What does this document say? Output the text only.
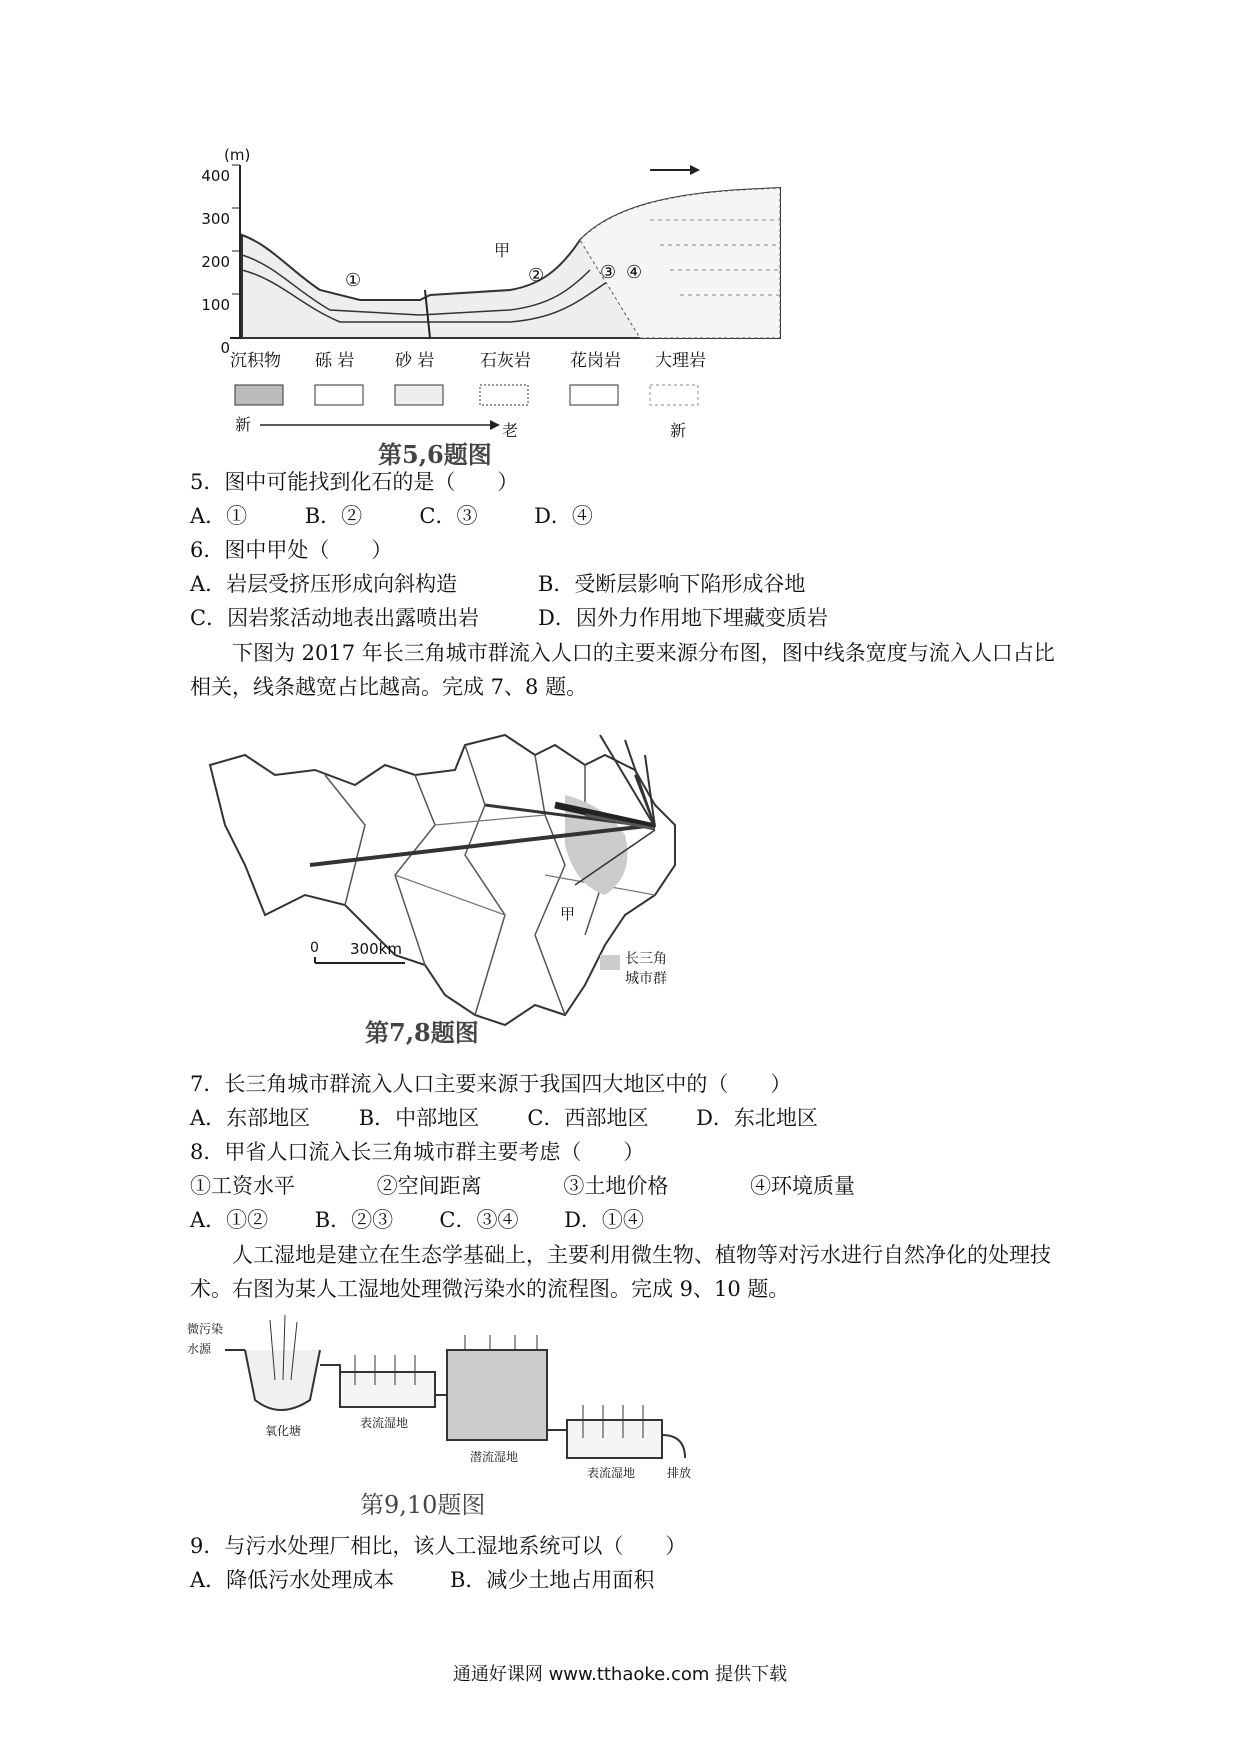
(m)
400
300
200
100
0
①	②	③ ④
甲
沉积物 砾 岩 砂 岩	石灰岩 花岗岩 大理岩
新	老	新
第5,6题图
5．图中可能找到化石的是（　　）
A．①	B．②	C．③	D．④
6．图中甲处（　　）
A．岩层受挤压形成向斜构造	B．受断层影响下陷形成谷地
C．因岩浆活动地表出露喷出岩	D．因外力作用地下埋藏变质岩
下图为 2017 年长三角城市群流入人口的主要来源分布图，图中线条宽度与流入人口占比相关，线条越宽占比越高。完成 7、8 题。
甲
0 300km
长三角
城市群
第7,8题图
7．长三角城市群流入人口主要来源于我国四大地区中的（　　）
A．东部地区 B．中部地区 C．西部地区 D．东北地区
8．甲省人口流入长三角城市群主要考虑（　　）
①工资水平	②空间距离	③土地价格	④环境质量
A．①② B．②③ C．③④ D．①④
人工湿地是建立在生态学基础上，主要利用微生物、植物等对污水进行自然净化的处理技术。右图为某人工湿地处理微污染水的流程图。完成 9、10 题。
微污染
水源
氧化塘
表流湿地
潜流湿地
表流湿地	排放
第9,10题图
9．与污水处理厂相比，该人工湿地系统可以（　　）
A．降低污水处理成本	B．减少土地占用面积
通通好课网 www.tthaoke.com 提供下载
